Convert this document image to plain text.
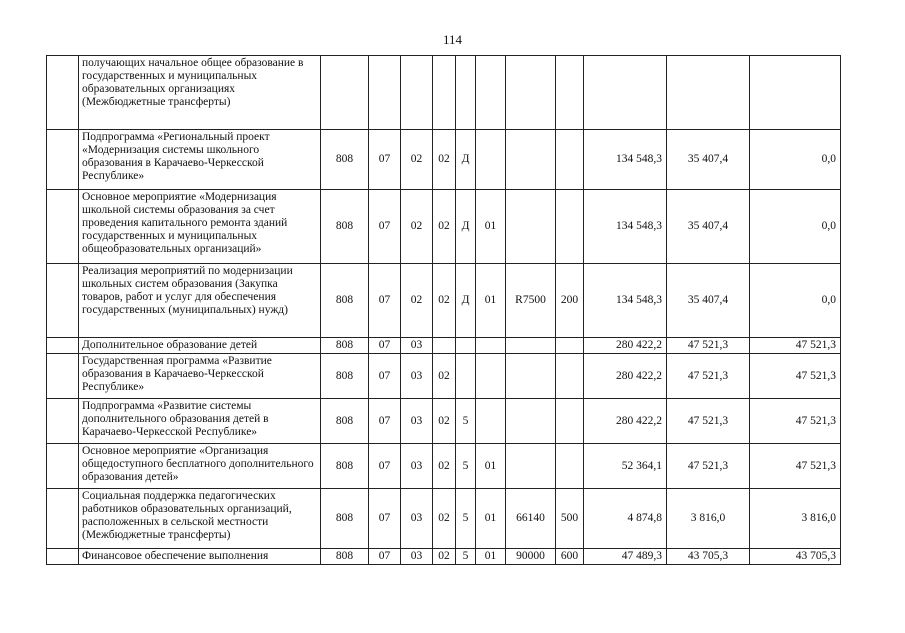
114
	получающих начальное общее образование в государственных и муниципальных образовательных организациях (Межбюджетные трансферты)											
	Подпрограмма «Региональный проект «Модернизация системы школьного образования в Карачаево-Черкесской Республике»	808	07	02	02	Д				134 548,3	35 407,4	0,0
	Основное мероприятие «Модернизация школьной системы образования за счет проведения капитального ремонта зданий государственных и муниципальных общеобразовательных организаций»	808	07	02	02	Д	01			134 548,3	35 407,4	0,0
	Реализация мероприятий по модернизации школьных систем образования (Закупка товаров, работ и услуг для обеспечения государственных (муниципальных) нужд)	808	07	02	02	Д	01	R7500	200	134 548,3	35 407,4	0,0
	Дополнительное образование детей	808	07	03						280 422,2	47 521,3	47 521,3
	Государственная программа «Развитие образования в Карачаево-Черкесской Республике»	808	07	03	02					280 422,2	47 521,3	47 521,3
	Подпрограмма «Развитие системы дополнительного образования детей в Карачаево-Черкесской Республике»	808	07	03	02	5				280 422,2	47 521,3	47 521,3
	Основное мероприятие «Организация общедоступного бесплатного дополнительного образования детей»	808	07	03	02	5	01			52 364,1	47 521,3	47 521,3
	Социальная поддержка педагогических работников образовательных организаций, расположенных в сельской местности (Межбюджетные трансферты)	808	07	03	02	5	01	66140	500	4 874,8	3 816,0	3 816,0
	Финансовое обеспечение выполнения	808	07	03	02	5	01	90000	600	47 489,3	43 705,3	43 705,3
